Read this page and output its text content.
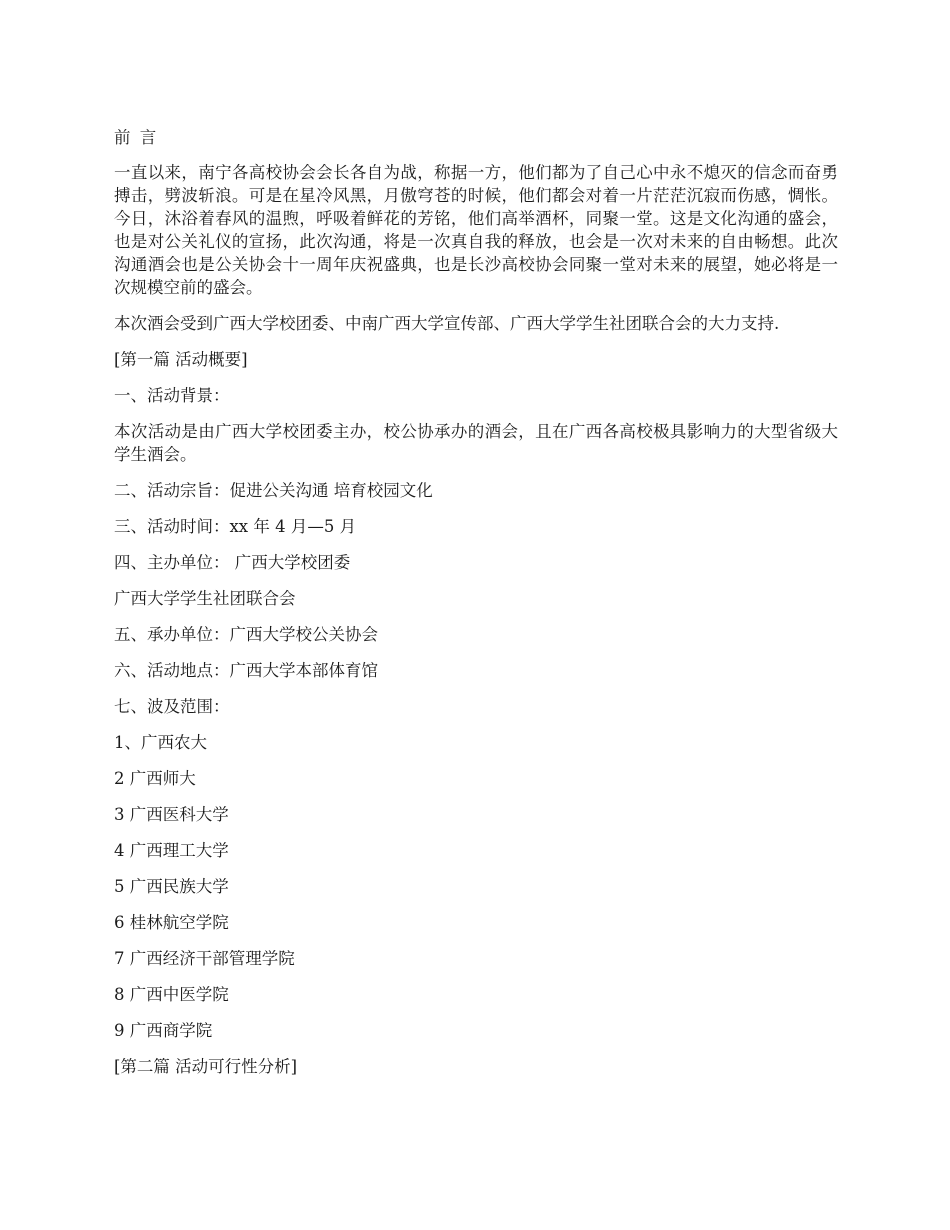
前 言

一直以来，南宁各高校协会会长各自为战，称据一方，他们都为了自己心中永不熄灭的信念而奋勇搏击，劈波斩浪。可是在星冷风黑，月傲穹苍的时候，他们都会对着一片茫茫沉寂而伤感，惆怅。今日，沐浴着春风的温煦，呼吸着鲜花的芳铭，他们高举酒杯，同聚一堂。这是文化沟通的盛会，也是对公关礼仪的宣扬，此次沟通，将是一次真自我的释放，也会是一次对未来的自由畅想。此次沟通酒会也是公关协会十一周年庆祝盛典，也是长沙高校协会同聚一堂对未来的展望，她必将是一次规模空前的盛会。

本次酒会受到广西大学校团委、中南广西大学宣传部、广西大学学生社团联合会的大力支持.

[第一篇 活动概要]

一、活动背景：

本次活动是由广西大学校团委主办，校公协承办的酒会，且在广西各高校极具影响力的大型省级大学生酒会。

二、活动宗旨：促进公关沟通 培育校园文化

三、活动时间：xx 年 4 月—5 月

四、主办单位： 广西大学校团委

广西大学学生社团联合会

五、承办单位：广西大学校公关协会

六、活动地点：广西大学本部体育馆

七、波及范围：

1、广西农大

2 广西师大

3 广西医科大学

4 广西理工大学

5 广西民族大学

6 桂林航空学院

7 广西经济干部管理学院

8 广西中医学院

9 广西商学院

[第二篇 活动可行性分析]
